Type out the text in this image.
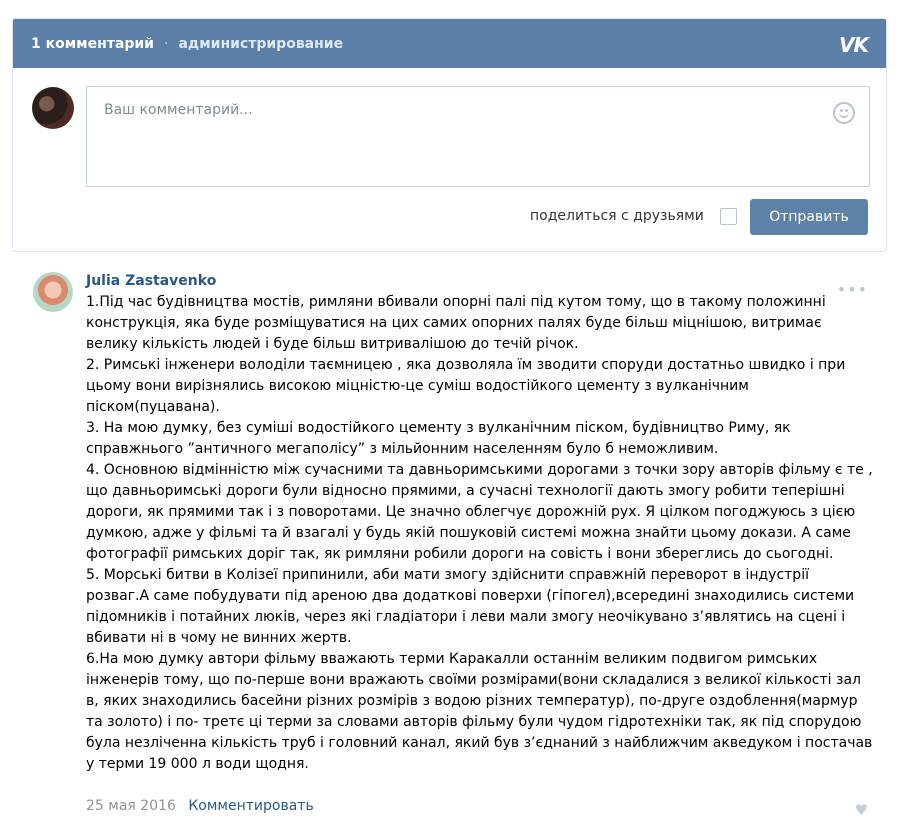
1 комментарий · администрирование	VK
Ваш комментарий...
поделиться с друзьями	Отправить
Julia Zastavenko	•••

1.Під час будівництва мостів, римляни вбивали опорні палі під кутом тому, що в такому положинні конструкція, яка буде розміщуватися на цих самих опорних палях буде більш міцнішою, витримає велику кількість людей і буде більш витривалішою до течій річок.

2. Римські інженери володіли таємницею , яка дозволяла їм зводити споруди достатньо швидко і при цьому вони вирізнялись високою міцністю-це суміш водостійкого цементу з вулканічним піском(пуцавана).

3. На мою думку, без суміші водостійкого цементу з вулканічним піском, будівництво Риму, як справжнього ”античного мегаполісу” з мільйонним населенням було б неможливим.

4. Основною відмінністю між сучасними та давньоримськими дорогами з точки зору авторів фільму є те , що давньоримські дороги були відносно прямими, а сучасні технології дають змогу робити теперішні дороги, як прямими так і з поворотами. Це значно облегчує дорожній рух. Я цілком погоджуюсь з цією думкою, адже у фільмі та й взагалі у будь якій пошуковій системі можна знайти цьому докази. А саме фотографії римських доріг так, як римляни робили дороги на совість і вони збереглись до сьогодні.

5. Морські битви в Колізеї припинили, аби мати змогу здійснити справжній переворот в індустрії розваг.А саме побудувати під ареною два додаткові поверхи (гіпогел),всередині знаходились системи підомників і потайних люків, через які гладіатори і леви мали змогу неочікувано з’являтись на сцені і вбивати ні в чому не винних жертв.

6.На мою думку автори фільму вважають терми Каракалли останнім великим подвигом римських інженерів тому, що по-перше вони вражають своїми розмірами(вони складалися з великої кількості зал в, яких знаходились басейни різних розмірів з водою різних температур), по-друге оздоблення(мармур та золото) і по- третє ці терми за словами авторів фільму були чудом гідротехніки так, як під спорудою була незліченна кількість труб і головний канал, який був з’єднаний з найближчим акведуком і постачав у терми 19 000 л води щодня.

25 мая 2016 Комментировать	♥
